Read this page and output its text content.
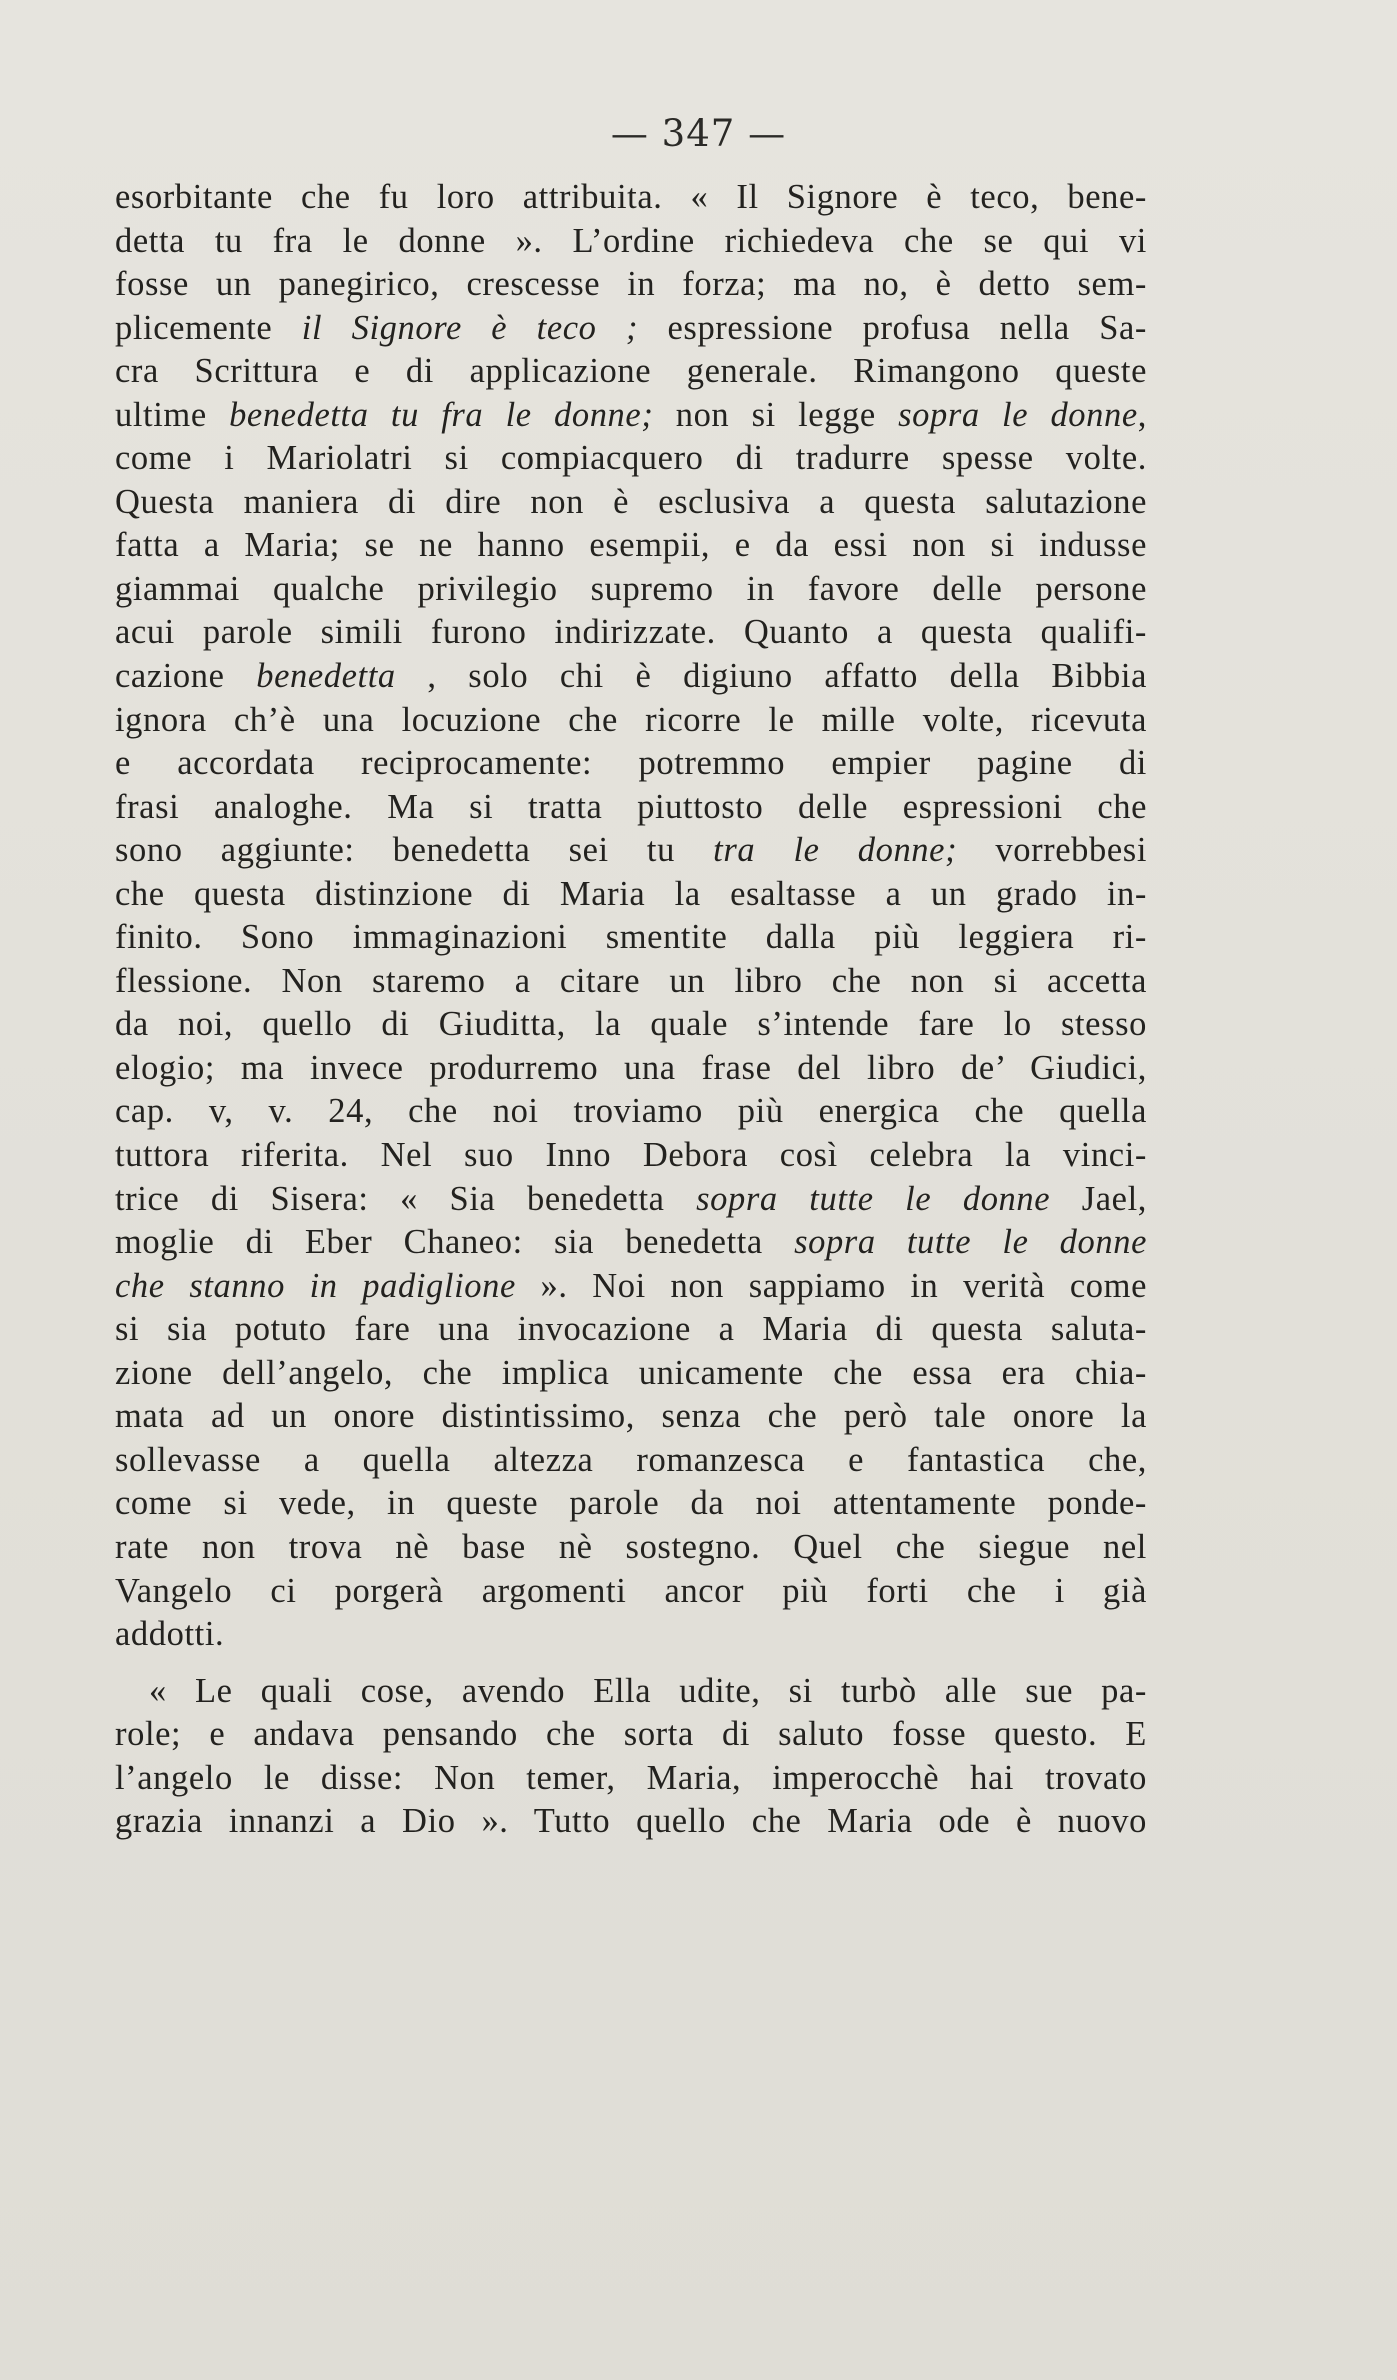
— 347 —
esorbitante che fu loro attribuita. « Il Signore è teco, bene-
detta tu fra le donne ». L’ordine richiedeva che se qui vi
fosse un panegirico, crescesse in forza; ma no, è detto sem-
plicemente il Signore è teco ; espressione profusa nella Sa-
cra Scrittura e di applicazione generale. Rimangono queste
ultime benedetta tu fra le donne; non si legge sopra le donne,
come i Mariolatri si compiacquero di tradurre spesse volte.
Questa maniera di dire non è esclusiva a questa salutazione
fatta a Maria; se ne hanno esempii, e da essi non si indusse
giammai qualche privilegio supremo in favore delle persone
acui parole simili furono indirizzate. Quanto a questa qualifi-
cazione benedetta , solo chi è digiuno affatto della Bibbia
ignora ch’è una locuzione che ricorre le mille volte, ricevuta
e accordata reciprocamente: potremmo empier pagine di
frasi analoghe. Ma si tratta piuttosto delle espressioni che
sono aggiunte: benedetta sei tu tra le donne; vorrebbesi
che questa distinzione di Maria la esaltasse a un grado in-
finito. Sono immaginazioni smentite dalla più leggiera ri-
flessione. Non staremo a citare un libro che non si accetta
da noi, quello di Giuditta, la quale s’intende fare lo stesso
elogio; ma invece produrremo una frase del libro de’ Giudici,
cap. v, v. 24, che noi troviamo più energica che quella
tuttora riferita. Nel suo Inno Debora così celebra la vinci-
trice di Sisera: « Sia benedetta sopra tutte le donne Jael,
moglie di Eber Chaneo: sia benedetta sopra tutte le donne
che stanno in padiglione ». Noi non sappiamo in verità come
si sia potuto fare una invocazione a Maria di questa saluta-
zione dell’angelo, che implica unicamente che essa era chia-
mata ad un onore distintissimo, senza che però tale onore la
sollevasse a quella altezza romanzesca e fantastica che,
come si vede, in queste parole da noi attentamente ponde-
rate non trova nè base nè sostegno. Quel che siegue nel
Vangelo ci porgerà argomenti ancor più forti che i già
addotti.
« Le quali cose, avendo Ella udite, si turbò alle sue pa-
role; e andava pensando che sorta di saluto fosse questo. E
l’angelo le disse: Non temer, Maria, imperocchè hai trovato
grazia innanzi a Dio ». Tutto quello che Maria ode è nuovo
